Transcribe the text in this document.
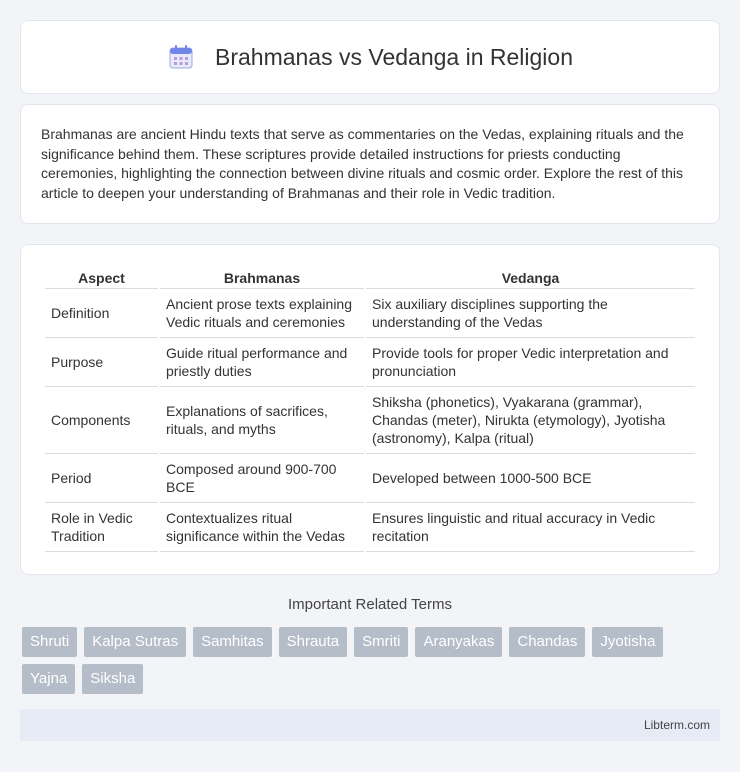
Brahmanas vs Vedanga in Religion

Brahmanas are ancient Hindu texts that serve as commentaries on the Vedas, explaining rituals and the significance behind them. These scriptures provide detailed instructions for priests conducting ceremonies, highlighting the connection between divine rituals and cosmic order. Explore the rest of this article to deepen your understanding of Brahmanas and their role in Vedic tradition.

Aspect	Brahmanas	Vedanga
Definition	Ancient prose texts explaining Vedic rituals and ceremonies	Six auxiliary disciplines supporting the understanding of the Vedas
Purpose	Guide ritual performance and priestly duties	Provide tools for proper Vedic interpretation and pronunciation
Components	Explanations of sacrifices, rituals, and myths	Shiksha (phonetics), Vyakarana (grammar), Chandas (meter), Nirukta (etymology), Jyotisha (astronomy), Kalpa (ritual)
Period	Composed around 900-700 BCE	Developed between 1000-500 BCE
Role in Vedic Tradition	Contextualizes ritual significance within the Vedas	Ensures linguistic and ritual accuracy in Vedic recitation
Important Related Terms
Shruti	Kalpa Sutras	Samhitas	Shrauta	Smriti	Aranyakas	Chandas	Jyotisha
Yajna	Siksha
Libterm.com
